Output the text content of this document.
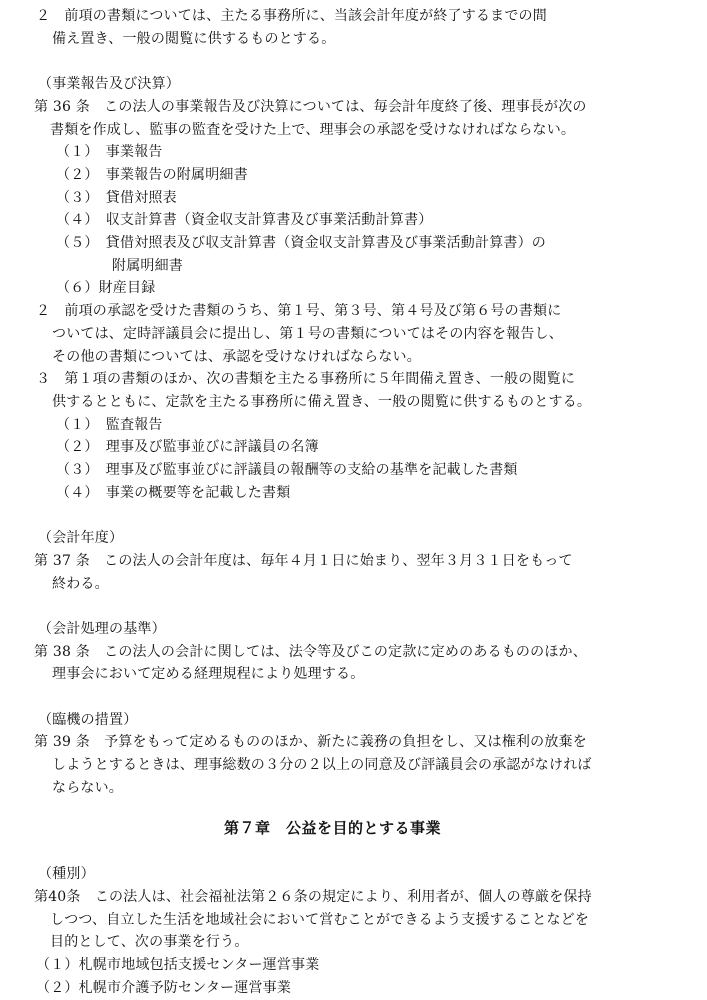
２　前項の書類については、主たる事務所に、当該会計年度が終了するまでの間
備え置き、一般の閲覧に供するものとする。
（事業報告及び決算）
第 36 条　この法人の事業報告及び決算については、毎会計年度終了後、理事長が次の
書類を作成し、監事の監査を受けた上で、理事会の承認を受けなければならない。
（１）　事業報告
（２）　事業報告の附属明細書
（３）　貸借対照表
（４）　収支計算書（資金収支計算書及び事業活動計算書）
（５）　貸借対照表及び収支計算書（資金収支計算書及び事業活動計算書）の
附属明細書
（６）財産目録
２　前項の承認を受けた書類のうち、第１号、第３号、第４号及び第６号の書類に
ついては、定時評議員会に提出し、第１号の書類についてはその内容を報告し、
その他の書類については、承認を受けなければならない。
３　第１項の書類のほか、次の書類を主たる事務所に５年間備え置き、一般の閲覧に
供するとともに、定款を主たる事務所に備え置き、一般の閲覧に供するものとする。
（１）　監査報告
（２）　理事及び監事並びに評議員の名簿
（３）　理事及び監事並びに評議員の報酬等の支給の基準を記載した書類
（４）　事業の概要等を記載した書類
（会計年度）
第 37 条　この法人の会計年度は、毎年４月１日に始まり、翌年３月３１日をもって
終わる。
（会計処理の基準）
第 38 条　この法人の会計に関しては、法令等及びこの定款に定めのあるもののほか、
理事会において定める経理規程により処理する。
（臨機の措置）
第 39 条　予算をもって定めるもののほか、新たに義務の負担をし、又は権利の放棄を
しようとするときは、理事総数の３分の２以上の同意及び評議員会の承認がなければ
ならない。
第７章　公益を目的とする事業
（種別）
第40条　この法人は、社会福祉法第２６条の規定により、利用者が、個人の尊厳を保持
しつつ、自立した生活を地域社会において営むことができるよう支援することなどを
目的として、次の事業を行う。
（１）札幌市地域包括支援センター運営事業
（２）札幌市介護予防センター運営事業
